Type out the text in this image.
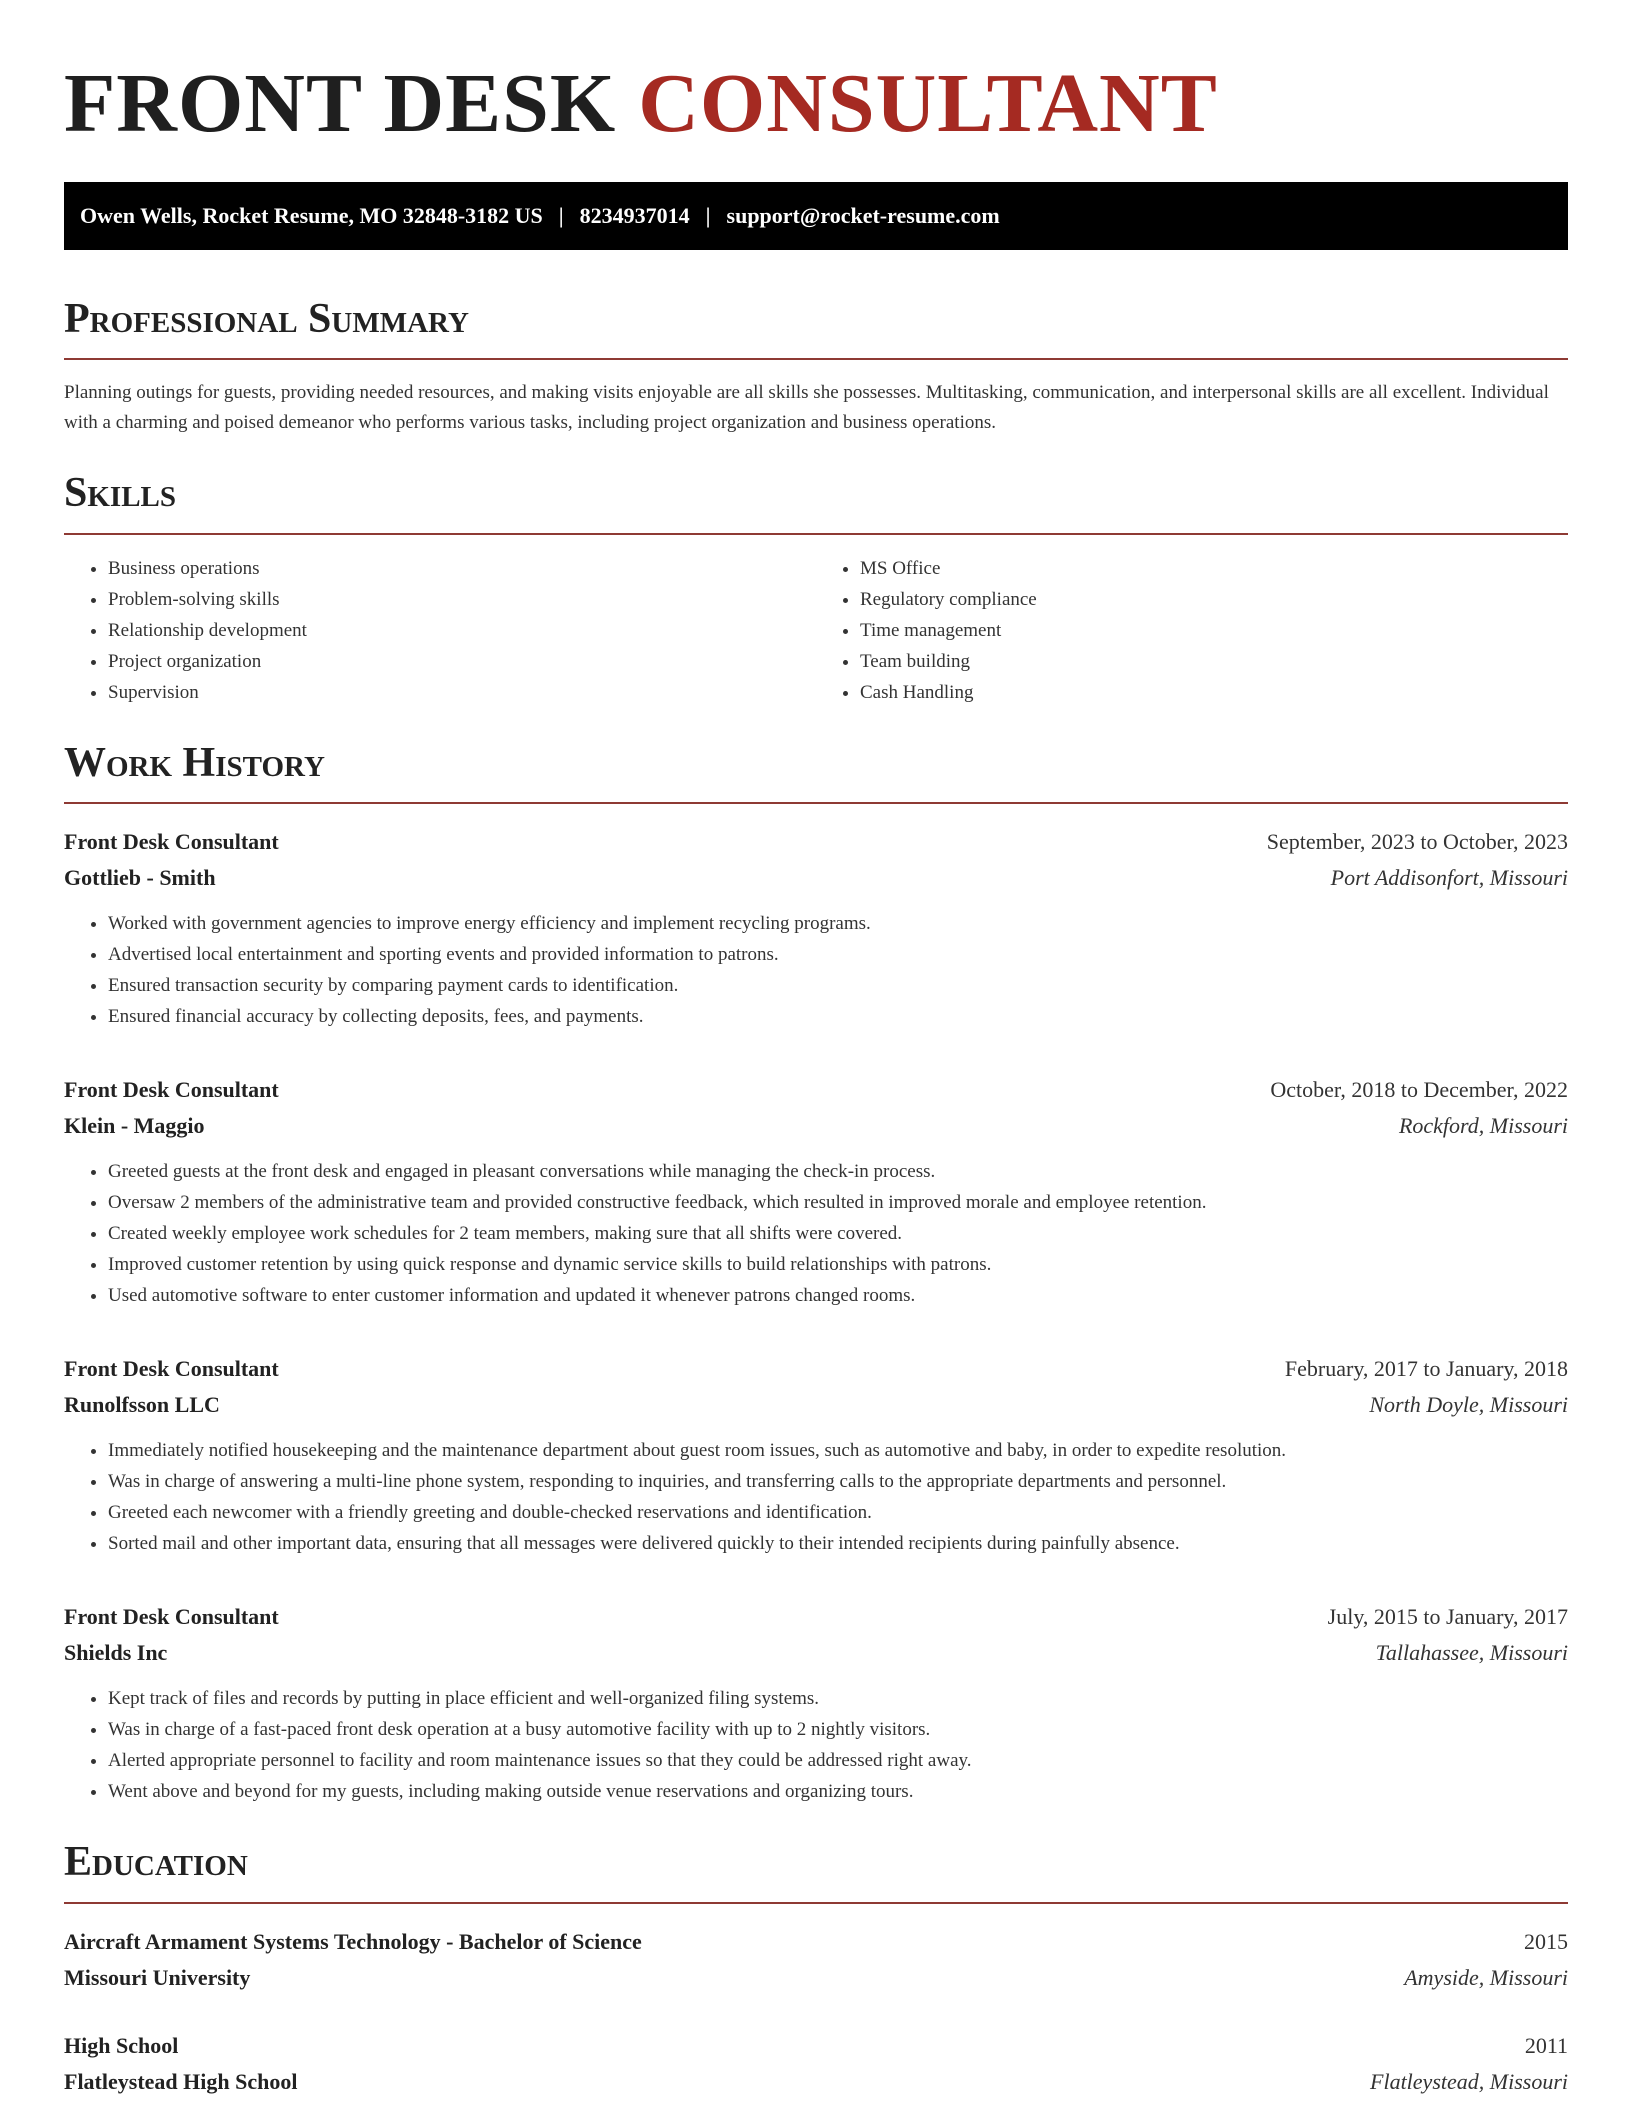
FRONT DESK CONSULTANT
Owen Wells, Rocket Resume, MO 32848-3182 US | 8234937014 | support@rocket-resume.com
Professional Summary

Planning outings for guests, providing needed resources, and making visits enjoyable are all skills she possesses. Multitasking, communication, and interpersonal skills are all excellent. Individual with a charming and poised demeanor who performs various tasks, including project organization and business operations.

Skills
• Business operations
• Problem-solving skills
• Relationship development
• Project organization
• Supervision
• MS Office
• Regulatory compliance
• Time management
• Team building
• Cash Handling
Work History
Front Desk Consultant	September, 2023 to October, 2023
Gottlieb - Smith	Port Addisonfort, Missouri
• Worked with government agencies to improve energy efficiency and implement recycling programs.
• Advertised local entertainment and sporting events and provided information to patrons.
• Ensured transaction security by comparing payment cards to identification.
• Ensured financial accuracy by collecting deposits, fees, and payments.
Front Desk Consultant	October, 2018 to December, 2022
Klein - Maggio	Rockford, Missouri
• Greeted guests at the front desk and engaged in pleasant conversations while managing the check-in process.
• Oversaw 2 members of the administrative team and provided constructive feedback, which resulted in improved morale and employee retention.
• Created weekly employee work schedules for 2 team members, making sure that all shifts were covered.
• Improved customer retention by using quick response and dynamic service skills to build relationships with patrons.
• Used automotive software to enter customer information and updated it whenever patrons changed rooms.
Front Desk Consultant	February, 2017 to January, 2018
Runolfsson LLC	North Doyle, Missouri
• Immediately notified housekeeping and the maintenance department about guest room issues, such as automotive and baby, in order to expedite resolution.
• Was in charge of answering a multi-line phone system, responding to inquiries, and transferring calls to the appropriate departments and personnel.
• Greeted each newcomer with a friendly greeting and double-checked reservations and identification.
• Sorted mail and other important data, ensuring that all messages were delivered quickly to their intended recipients during painfully absence.
Front Desk Consultant	July, 2015 to January, 2017
Shields Inc	Tallahassee, Missouri
• Kept track of files and records by putting in place efficient and well-organized filing systems.
• Was in charge of a fast-paced front desk operation at a busy automotive facility with up to 2 nightly visitors.
• Alerted appropriate personnel to facility and room maintenance issues so that they could be addressed right away.
• Went above and beyond for my guests, including making outside venue reservations and organizing tours.
Education
Aircraft Armament Systems Technology - Bachelor of Science	2015
Missouri University	Amyside, Missouri
High School	2011
Flatleystead High School	Flatleystead, Missouri
